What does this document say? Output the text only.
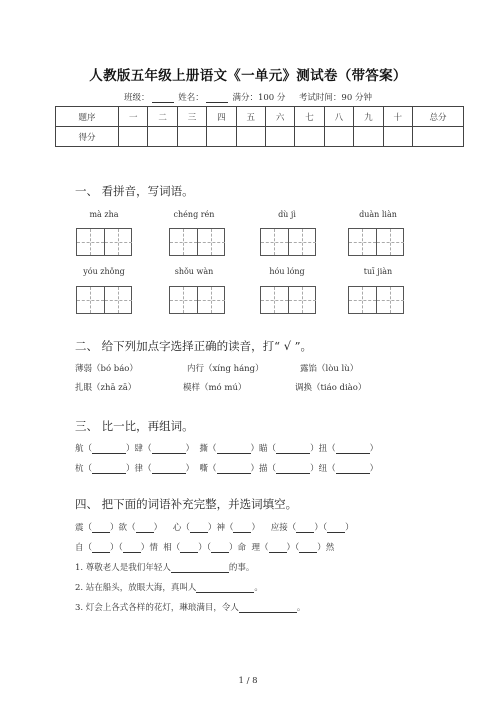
人教版五年级上册语文《一单元》测试卷（带答案）
班级：	姓名：	满分：100 分 考试时间：90 分钟
题序	一	二	三	四	五	六	七	八	九	十	总分
得分											
一、 看拼音，写词语。
mà zha	chéng rén	dù jì	duàn liàn
yóu zhǒng	shǒu wàn	hóu lóng	tuī jiàn
二、 给下列加点字选择正确的读音，打“ √ ”。
薄弱（bó báo）	内行（xíng háng）	露馅（lòu lù）
扎眼（zhā zā）	模样（mó mú）	调换（tiáo diào）
三、 比一比，再组词。
航（	）肆（	）  撕（	）瞄（	）扭（	）
杭（	）律（	）  嘶（	）描（	）纽（	）
四、 把下面的词语补充完整，并选词填空。
震（ ）欲（ ）    心（ ）神（ ）    应接（ ）（ ）
自（ ）（ ）情 相（ ）（ ）命 理（ ）（ ）然
1. 尊敬老人是我们年轻人	的事。
2. 站在船头，放眼大海，真叫人	。
3. 灯会上各式各样的花灯，琳琅满目，令人	。
1 / 8
